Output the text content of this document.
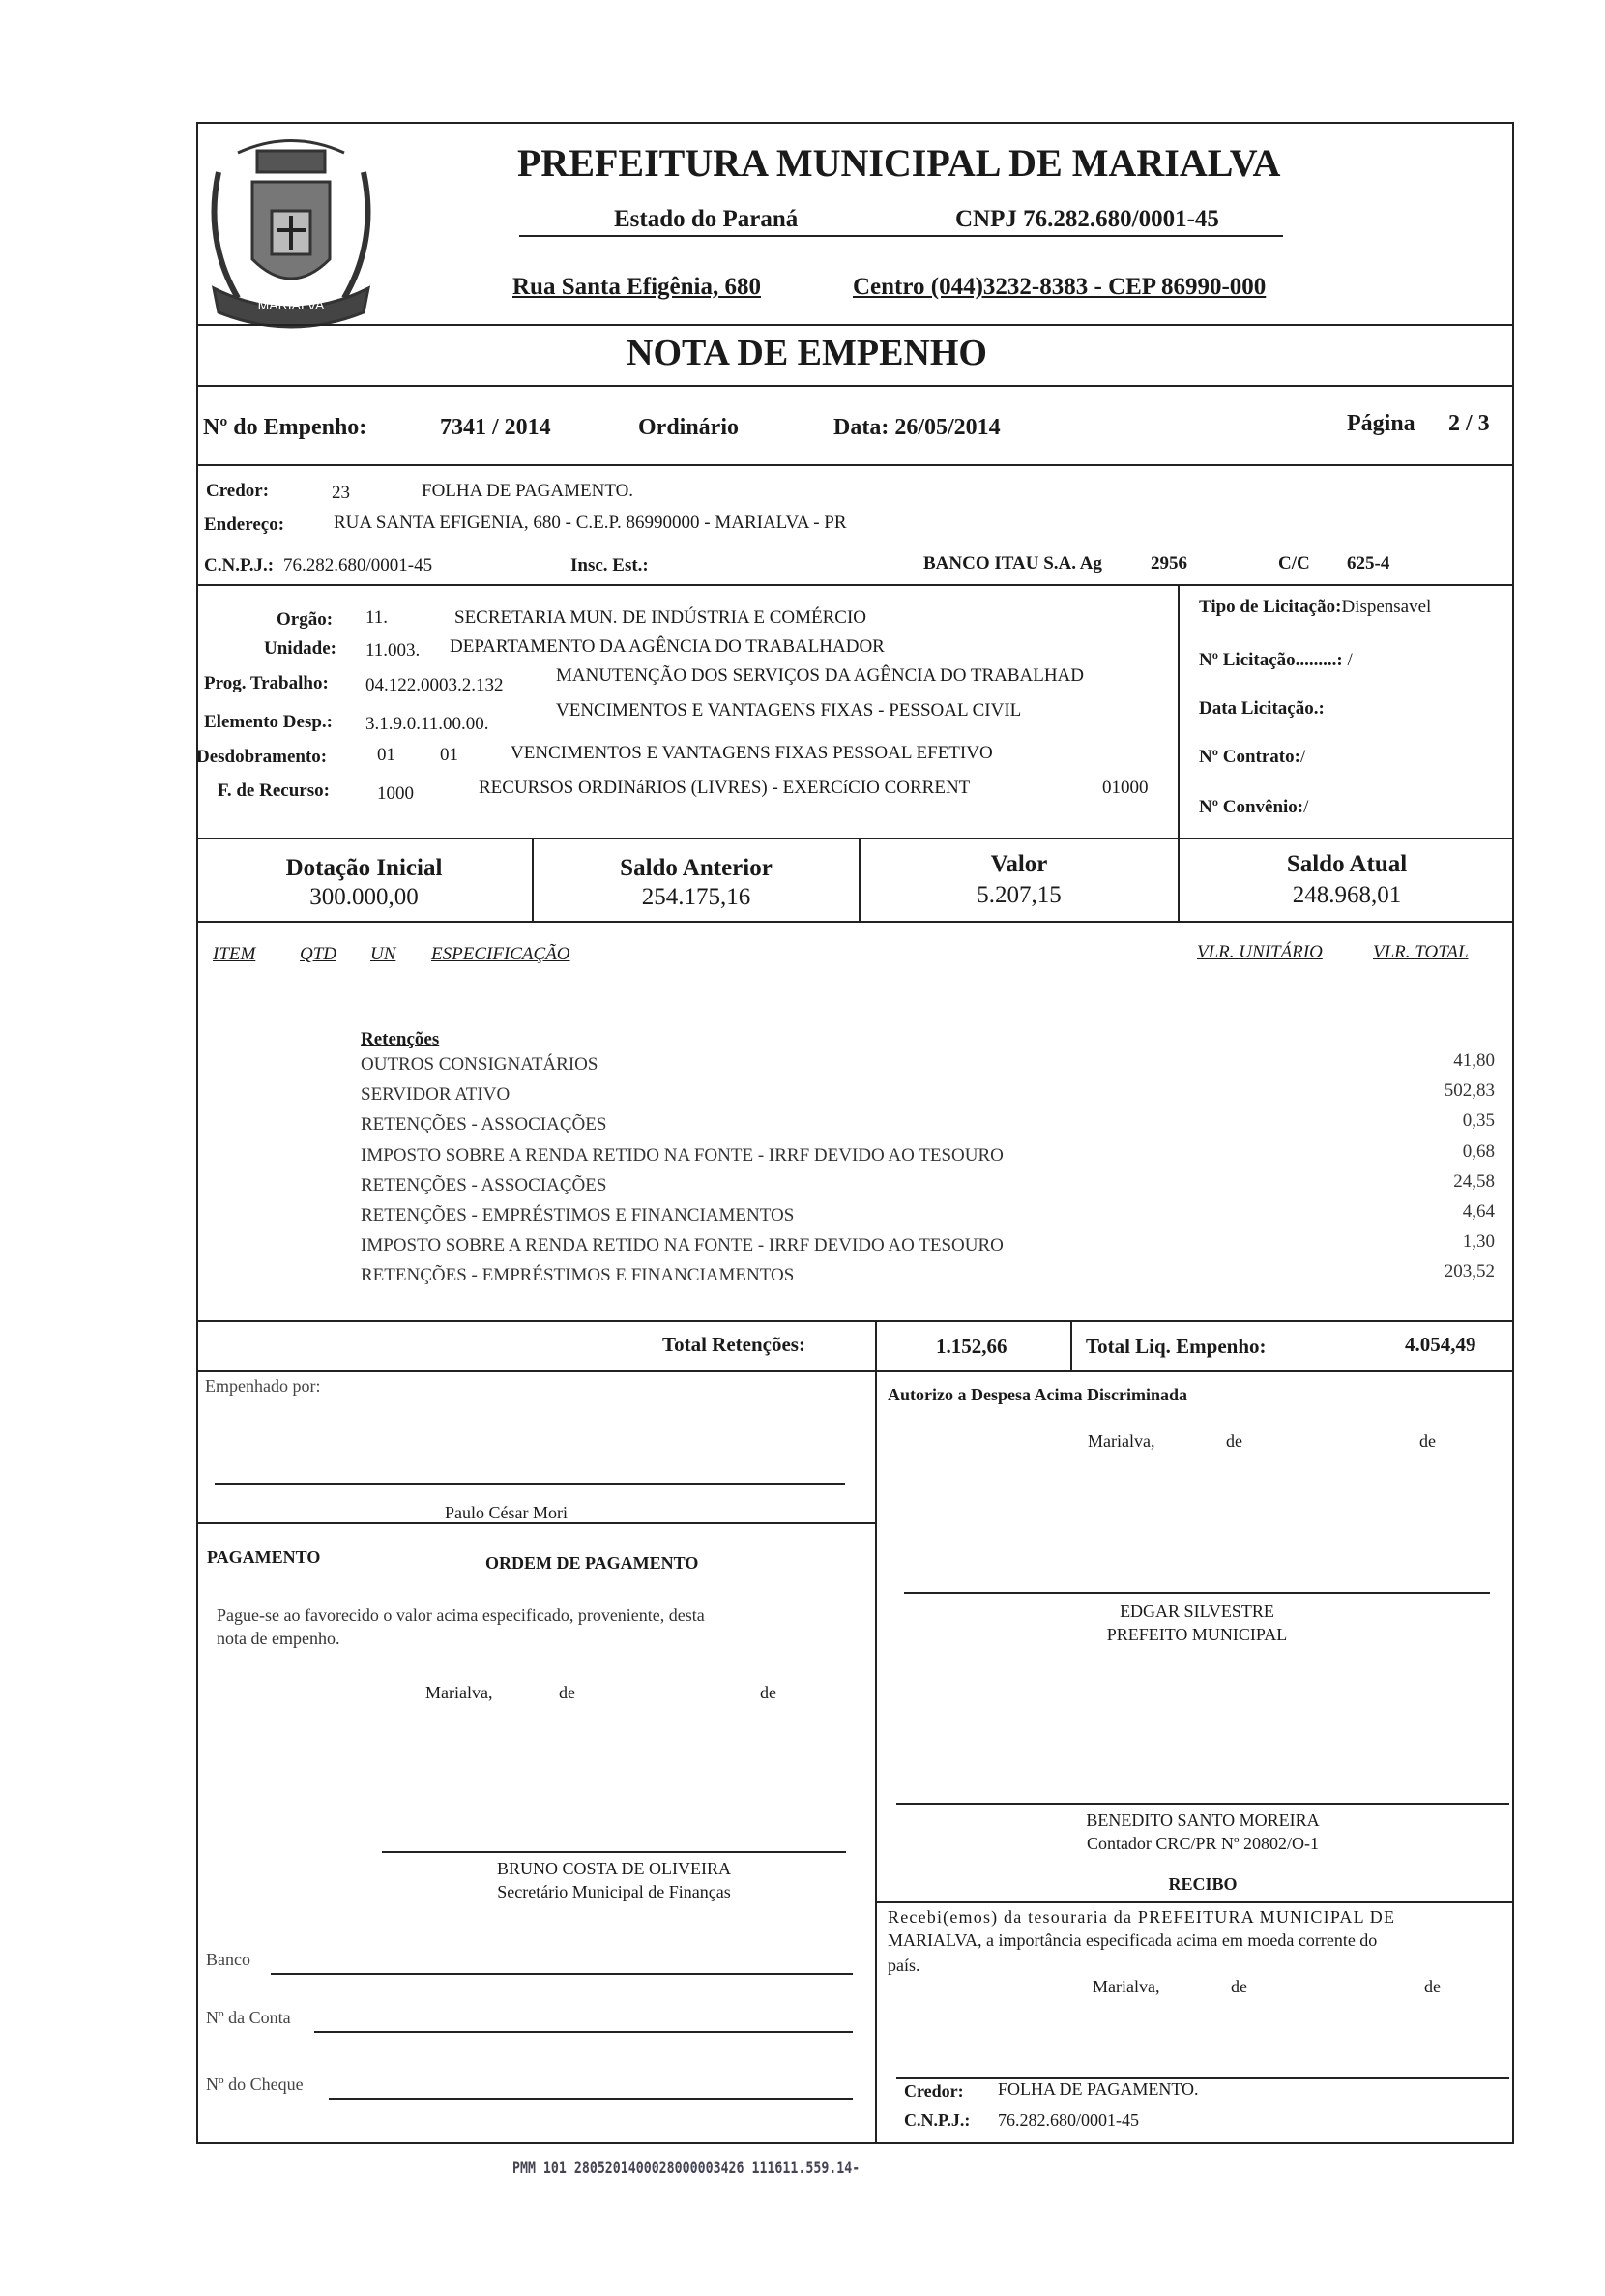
MARIALVA
PREFEITURA MUNICIPAL DE MARIALVA
Estado do Paraná	CNPJ 76.282.680/0001-45
Rua Santa Efigênia, 680	Centro (044)3232-8383 - CEP 86990-000
NOTA DE EMPENHO
Nº do Empenho:	7341 / 2014	Ordinário	Data: 26/05/2014	Página 2 / 3
Credor:	23	FOLHA DE PAGAMENTO.
Endereço:	RUA SANTA EFIGENIA, 680 - C.E.P. 86990000 - MARIALVA - PR
C.N.P.J.: 76.282.680/0001-45	Insc. Est.:	BANCO ITAU S.A. Ag	2956	C/C 625-4
Orgão: 11.	SECRETARIA MUN. DE INDÚSTRIA E COMÉRCIO
Unidade: 11.003. DEPARTAMENTO DA AGÊNCIA DO TRABALHADOR
Prog. Trabalho: 04.122.0003.2.132	MANUTENÇÃO DOS SERVIÇOS DA AGÊNCIA DO TRABALHAD
Elemento Desp.: 3.1.9.0.11.00.00.
VENCIMENTOS E VANTAGENS FIXAS - PESSOAL CIVIL
Desdobramento:	01 01	VENCIMENTOS E VANTAGENS FIXAS PESSOAL EFETIVO
F. de Recurso:	1000	RECURSOS ORDINáRIOS (LIVRES) - EXERCíCIO CORRENT	01000
Tipo de Licitação:Dispensavel
Nº Licitação.........: /
Data Licitação.:
Nº Contrato:/
Nº Convênio:/
Dotação Inicial
300.000,00
Saldo Anterior
254.175,16
Valor
5.207,15
Saldo Atual
248.968,01
ITEM QTD UN ESPECIFICAÇÃO	VLR. UNITÁRIO	VLR. TOTAL
Retenções
OUTROS CONSIGNATÁRIOS	41,80
SERVIDOR ATIVO	502,83
RETENÇÕES - ASSOCIAÇÕES	0,35
IMPOSTO SOBRE A RENDA RETIDO NA FONTE - IRRF DEVIDO AO TESOURO	0,68
RETENÇÕES - ASSOCIAÇÕES	24,58
RETENÇÕES - EMPRÉSTIMOS E FINANCIAMENTOS	4,64
IMPOSTO SOBRE A RENDA RETIDO NA FONTE - IRRF DEVIDO AO TESOURO	1,30
RETENÇÕES - EMPRÉSTIMOS E FINANCIAMENTOS	203,52
Total Retenções:	1.152,66	Total Liq. Empenho:	4.054,49
Empenhado por:
Paulo César Mori
PAGAMENTO	ORDEM DE PAGAMENTO
Pague-se ao favorecido o valor acima especificado, proveniente, desta
nota de empenho.
Marialva,	de	de
BRUNO COSTA DE OLIVEIRA
Secretário Municipal de Finanças
Banco
Nº da Conta
Nº do Cheque
Autorizo a Despesa Acima Discriminada
Marialva,	de	de
EDGAR SILVESTRE
PREFEITO MUNICIPAL
BENEDITO SANTO MOREIRA
Contador CRC/PR Nº 20802/O-1
RECIBO
Recebi(emos) da tesouraria da PREFEITURA MUNICIPAL DE
MARIALVA, a importância especificada acima em moeda corrente do
país.
Marialva,	de	de
Credor: FOLHA DE PAGAMENTO.
C.N.P.J.: 76.282.680/0001-45
PMM 101 2805201400028000003426 111611.559.14-
